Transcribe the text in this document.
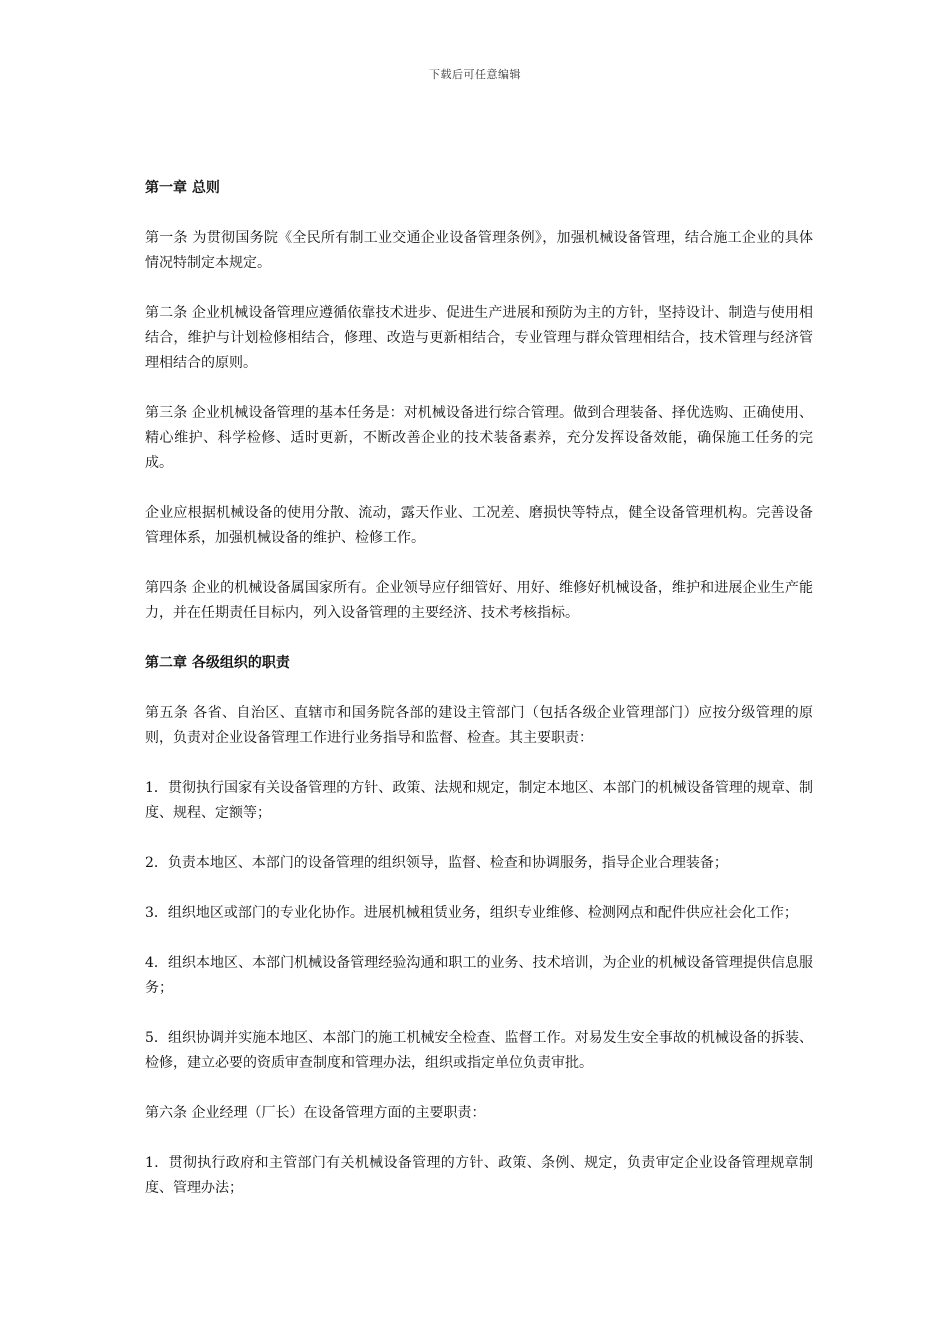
下载后可任意编辑
第一章 总则
第一条 为贯彻国务院《全民所有制工业交通企业设备管理条例》，加强机械设备管理，结合施工企业的具体情况特制定本规定。
第二条 企业机械设备管理应遵循依靠技术进步、促进生产进展和预防为主的方针，坚持设计、制造与使用相结合，维护与计划检修相结合，修理、改造与更新相结合，专业管理与群众管理相结合，技术管理与经济管理相结合的原则。
第三条 企业机械设备管理的基本任务是：对机械设备进行综合管理。做到合理装备、择优选购、正确使用、精心维护、科学检修、适时更新，不断改善企业的技术装备素养，充分发挥设备效能，确保施工任务的完成。
企业应根据机械设备的使用分散、流动，露天作业、工况差、磨损快等特点，健全设备管理机构。完善设备管理体系，加强机械设备的维护、检修工作。
第四条 企业的机械设备属国家所有。企业领导应仔细管好、用好、维修好机械设备，维护和进展企业生产能力，并在任期责任目标内，列入设备管理的主要经济、技术考核指标。
第二章 各级组织的职责
第五条 各省、自治区、直辖市和国务院各部的建设主管部门（包括各级企业管理部门）应按分级管理的原则，负责对企业设备管理工作进行业务指导和监督、检查。其主要职责：
1．贯彻执行国家有关设备管理的方针、政策、法规和规定，制定本地区、本部门的机械设备管理的规章、制度、规程、定额等；
2．负责本地区、本部门的设备管理的组织领导，监督、检查和协调服务，指导企业合理装备；
3．组织地区或部门的专业化协作。进展机械租赁业务，组织专业维修、检测网点和配件供应社会化工作；
4．组织本地区、本部门机械设备管理经验沟通和职工的业务、技术培训，为企业的机械设备管理提供信息服务；
5．组织协调并实施本地区、本部门的施工机械安全检查、监督工作。对易发生安全事故的机械设备的拆装、检修，建立必要的资质审查制度和管理办法，组织或指定单位负责审批。
第六条 企业经理（厂长）在设备管理方面的主要职责：
1．贯彻执行政府和主管部门有关机械设备管理的方针、政策、条例、规定，负责审定企业设备管理规章制度、管理办法；
